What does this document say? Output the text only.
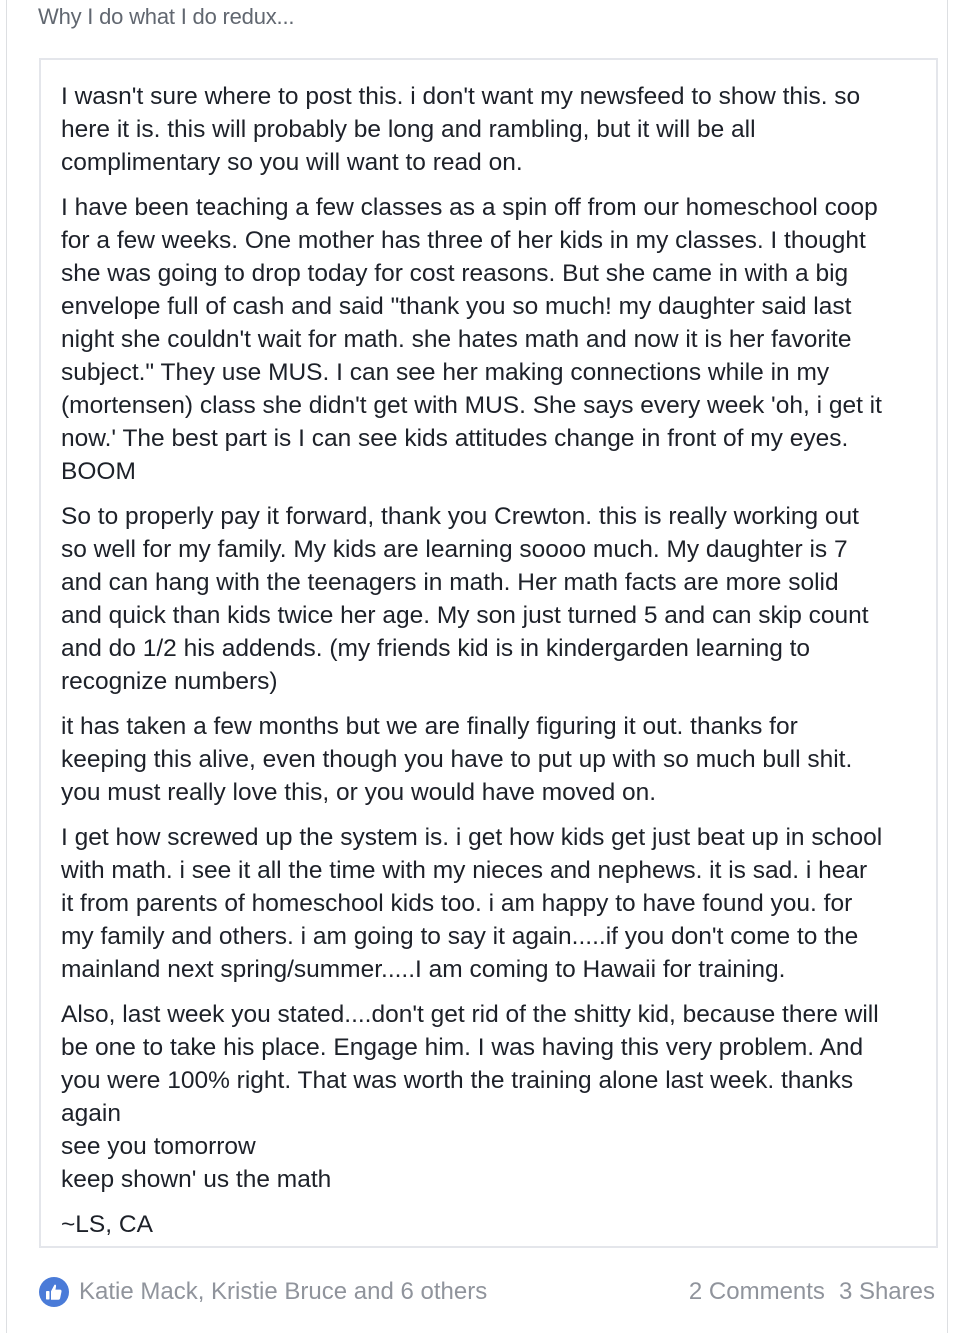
Why I do what I do redux...

I wasn't sure where to post this. i don't want my newsfeed to show this. so
here it is. this will probably be long and rambling, but it will be all
complimentary so you will want to read on.

I have been teaching a few classes as a spin off from our homeschool coop
for a few weeks. One mother has three of her kids in my classes. I thought
she was going to drop today for cost reasons. But she came in with a big
envelope full of cash and said "thank you so much! my daughter said last
night she couldn't wait for math. she hates math and now it is her favorite
subject." They use MUS. I can see her making connections while in my
(mortensen) class she didn't get with MUS. She says every week 'oh, i get it
now.' The best part is I can see kids attitudes change in front of my eyes.
BOOM

So to properly pay it forward, thank you Crewton. this is really working out
so well for my family. My kids are learning soooo much. My daughter is 7
and can hang with the teenagers in math. Her math facts are more solid
and quick than kids twice her age. My son just turned 5 and can skip count
and do 1/2 his addends. (my friends kid is in kindergarden learning to
recognize numbers)

it has taken a few months but we are finally figuring it out. thanks for
keeping this alive, even though you have to put up with so much bull shit.
you must really love this, or you would have moved on.

I get how screwed up the system is. i get how kids get just beat up in school
with math. i see it all the time with my nieces and nephews. it is sad. i hear
it from parents of homeschool kids too. i am happy to have found you. for
my family and others. i am going to say it again.....if you don't come to the
mainland next spring/summer.....I am coming to Hawaii for training.

Also, last week you stated....don't get rid of the shitty kid, because there will
be one to take his place. Engage him. I was having this very problem. And
you were 100% right. That was worth the training alone last week. thanks
again
see you tomorrow
keep shown' us the math

~LS, CA

Katie Mack, Kristie Bruce and 6 others	2 Comments 3 Shares
